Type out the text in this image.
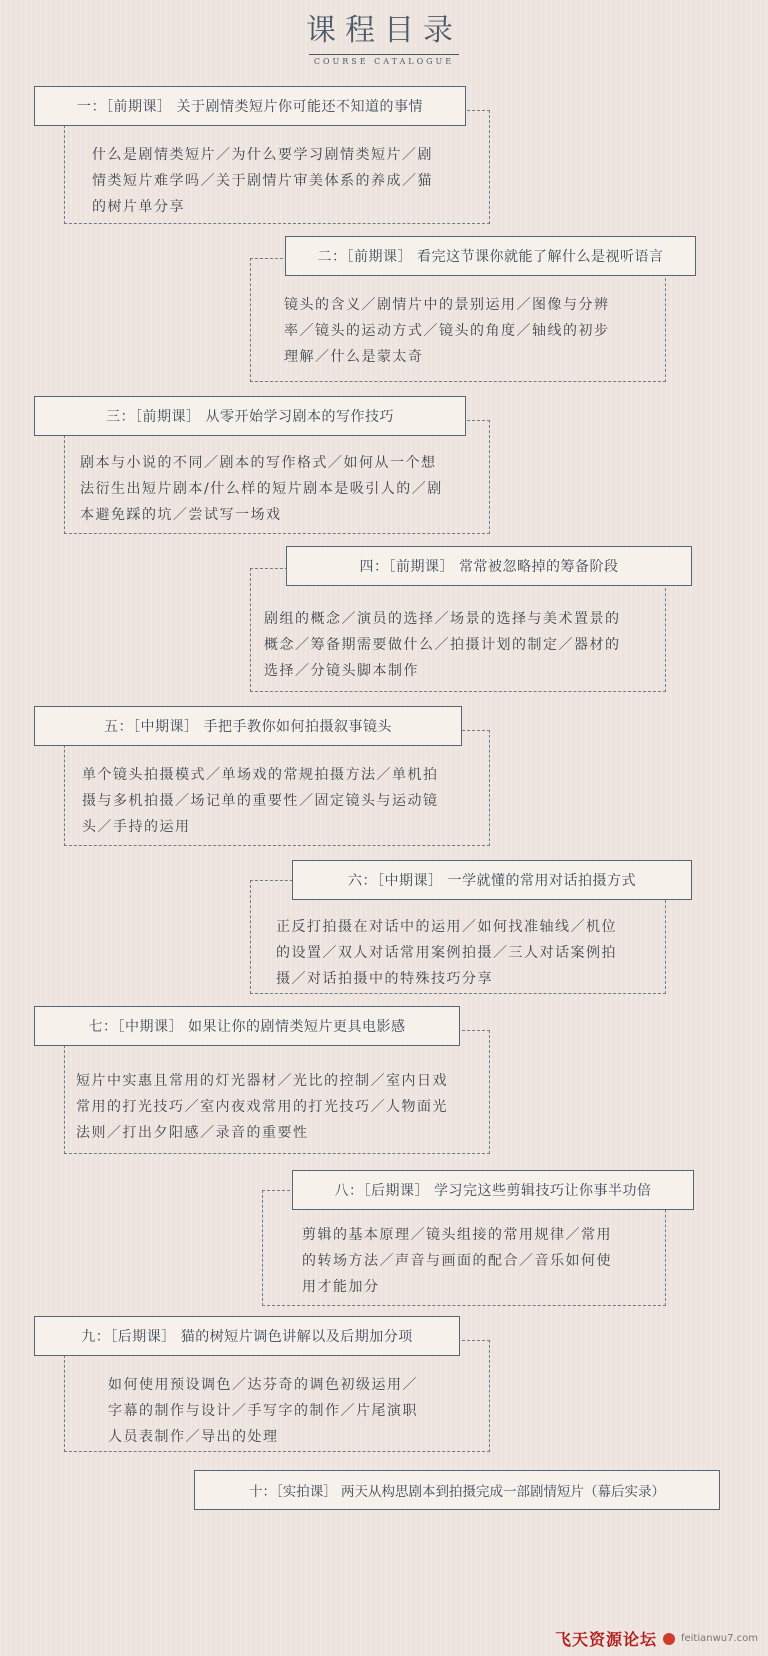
课程目录
COURSE CATALOGUE
一：［前期课］ 关于剧情类短片你可能还不知道的事情
什么是剧情类短片／为什么要学习剧情类短片／剧
情类短片难学吗／关于剧情片审美体系的养成／猫
的树片单分享
二：［前期课］ 看完这节课你就能了解什么是视听语言
镜头的含义／剧情片中的景别运用／图像与分辨
率／镜头的运动方式／镜头的角度／轴线的初步
理解／什么是蒙太奇
三：［前期课］ 从零开始学习剧本的写作技巧
剧本与小说的不同／剧本的写作格式／如何从一个想
法衍生出短片剧本/什么样的短片剧本是吸引人的／剧
本避免踩的坑／尝试写一场戏
四：［前期课］ 常常被忽略掉的筹备阶段
剧组的概念／演员的选择／场景的选择与美术置景的
概念／筹备期需要做什么／拍摄计划的制定／器材的
选择／分镜头脚本制作
五：［中期课］ 手把手教你如何拍摄叙事镜头
单个镜头拍摄模式／单场戏的常规拍摄方法／单机拍
摄与多机拍摄／场记单的重要性／固定镜头与运动镜
头／手持的运用
六：［中期课］ 一学就懂的常用对话拍摄方式
正反打拍摄在对话中的运用／如何找准轴线／机位
的设置／双人对话常用案例拍摄／三人对话案例拍
摄／对话拍摄中的特殊技巧分享
七：［中期课］ 如果让你的剧情类短片更具电影感
短片中实惠且常用的灯光器材／光比的控制／室内日戏
常用的打光技巧／室内夜戏常用的打光技巧／人物面光
法则／打出夕阳感／录音的重要性
八：［后期课］ 学习完这些剪辑技巧让你事半功倍
剪辑的基本原理／镜头组接的常用规律／常用
的转场方法／声音与画面的配合／音乐如何使
用才能加分
九：［后期课］ 猫的树短片调色讲解以及后期加分项
如何使用预设调色／达芬奇的调色初级运用／
字幕的制作与设计／手写字的制作／片尾演职
人员表制作／导出的处理
十：［实拍课］ 两天从构思剧本到拍摄完成一部剧情短片（幕后实录）
飞天资源论坛 feitianwu7.com
